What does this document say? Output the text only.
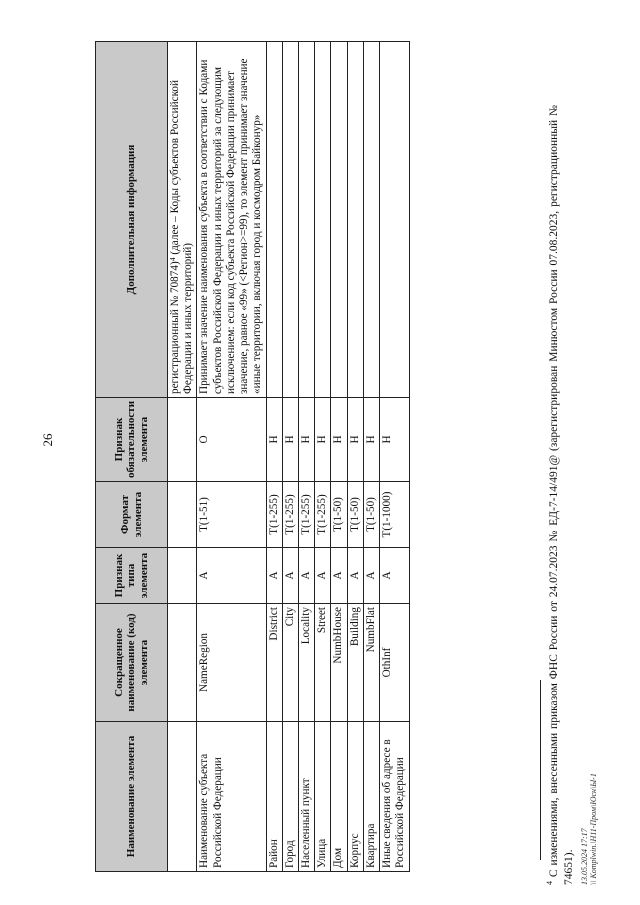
26
Наименование элемента	Сокращенное наименование (код) элемента	Признак типа элемента	Формат элемента	Признак обязательности элемента	Дополнительная информация
					регистрационный № 70874)⁴ (далее – Коды субъектов Российской Федерации и иных территорий)
Наименование субъекта Российской Федерации	NameRegion	A	T(1-51)	O	Принимает значение наименования субъекта в соответствии с Кодами субъектов Российской Федерации и иных территорий за следующим исключением: если код субъекта Российской Федерации принимает значение, равное «99» (<Регион>=99), то элемент принимает значение «иные территории, включая город и космодром Байконур»
Район	District	A	T(1-255)	Н	
Город	City	A	T(1-255)	Н	
Населенный пункт	Locality	A	T(1-255)	Н	
Улица	Street	A	T(1-255)	Н	
Дом	NumbHouse	A	T(1-50)	Н	
Корпус	Building	A	T(1-50)	Н	
Квартира	NumbFlat	A	T(1-50)	Н	
Иные сведения об адресе в Российской Федерации	OthInf	A	T(1-1000)	Н	
$^4$ С изменениями, внесенными приказом ФНС России от 24.07.2023 № ЕД-7-14/491@ (зарегистрирован Минюстом России 07.08.2023, регистрационный № 74651). 13.05.2024 17:17 \\ Komplwin.\Н11-Пром\Юсн\Ы-1
